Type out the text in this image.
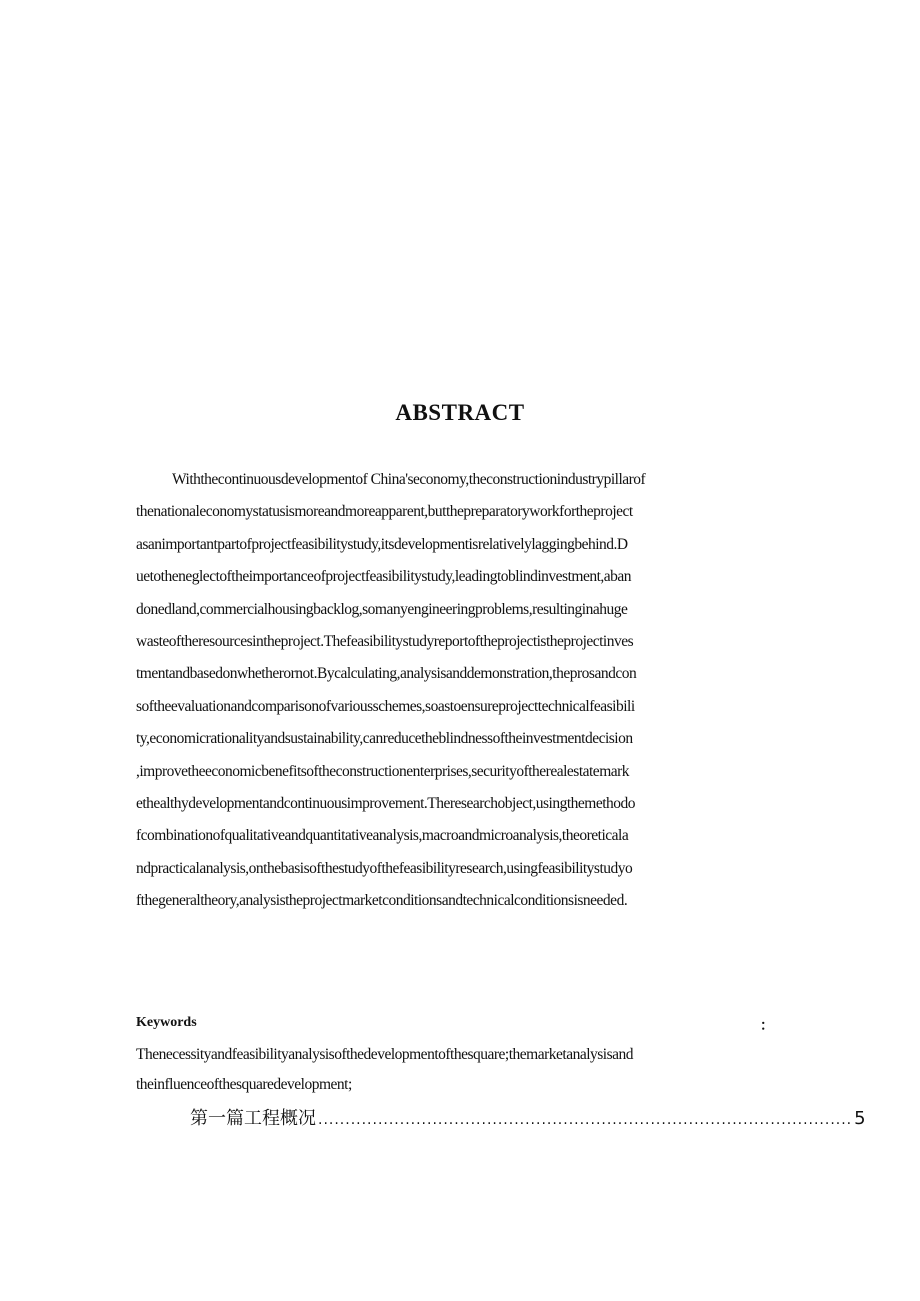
ABSTRACT
Withthecontinuousdevelopmentof China'seconomy,theconstructionindustrypillarof
thenationaleconomystatusismoreandmoreapparent,butthepreparatoryworkfortheproject
asanimportantpartofprojectfeasibilitystudy,itsdevelopmentisrelativelylaggingbehind.D
uetotheneglectoftheimportanceofprojectfeasibilitystudy,leadingtoblindinvestment,aban
donedland,commercialhousingbacklog,somanyengineeringproblems,resultinginahuge
wasteoftheresourcesintheproject.Thefeasibilitystudyreportoftheprojectistheprojectinves
tmentandbasedonwhetherornot.Bycalculating,analysisanddemonstration,theprosandcon
softheevaluationandcomparisonofvariousschemes,soastoensureprojecttechnicalfeasibili
ty,economicrationalityandsustainability,canreducetheblindnessoftheinvestmentdecision
,improvetheeconomicbenefitsoftheconstructionenterprises,securityoftherealestatemark
ethealthydevelopmentandcontinuousimprovement.Theresearchobject,usingthemethodo
fcombinationofqualitativeandquantitativeanalysis,macroandmicroanalysis,theoreticala
ndpracticalanalysis,onthebasisofthestudyofthefeasibilityresearch,usingfeasibilitystudyo
fthegeneraltheory,analysistheprojectmarketconditionsandtechnicalconditionsisneeded.
Keywords	：
Thenecessityandfeasibilityanalysisofthedevelopmentofthesquare;themarketanalysisand
theinfluenceofthesquaredevelopment;
第一篇工程概况 .................................................................................................. 5
